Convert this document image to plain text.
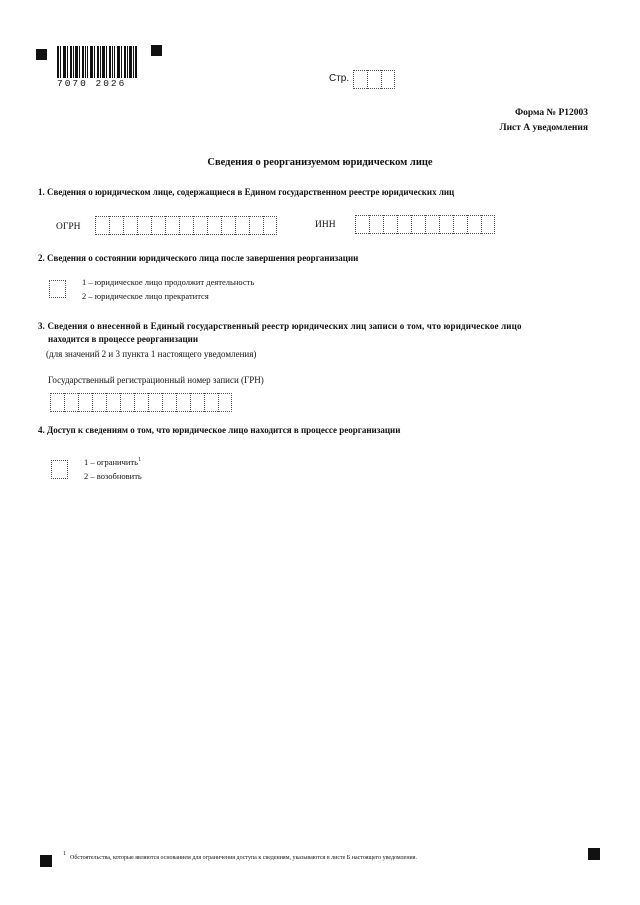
7070 2026	Стр.
Форма № Р12003
Лист А уведомления
Сведения о реорганизуемом юридическом лице
1. Сведения о юридическом лице, содержащиеся в Едином государственном реестре юридических лиц
ОГРН	ИНН
2. Сведения о состоянии юридического лица после завершения реорганизации
1 – юридическое лицо продолжит деятельность
2 – юридическое лицо прекратится
3. Сведения о внесенной в Единый государственный реестр юридических лиц записи о том, что юридическое лицо
находится в процессе реорганизации
(для значений 2 и 3 пункта 1 настоящего уведомления)
Государственный регистрационный номер записи (ГРН)
4. Доступ к сведениям о том, что юридическое лицо находится в процессе реорганизации
1 – ограничить$^1$
2 – возобновить
1
Обстоятельства, которые являются основанием для ограничения доступа к сведениям, указываются в листе Б настоящего уведомления.
